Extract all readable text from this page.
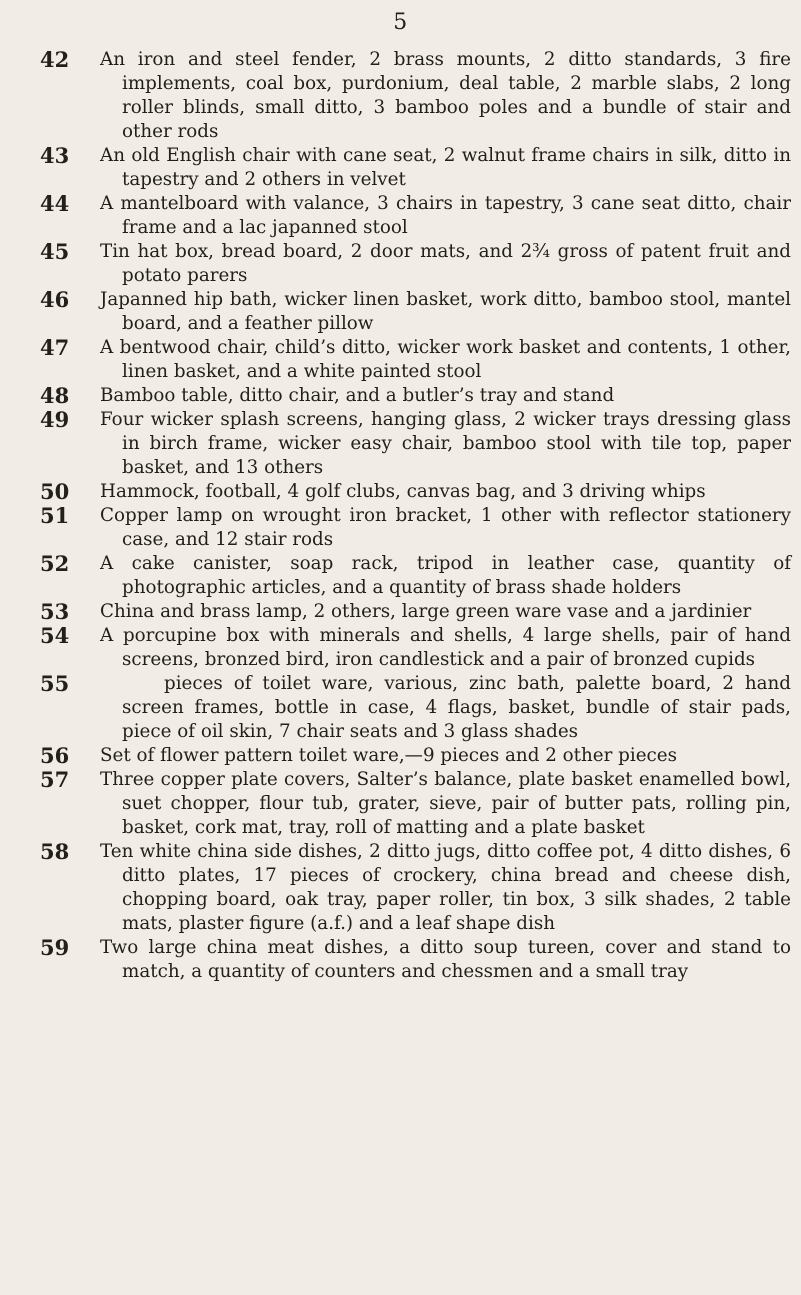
5
42	An iron and steel fender, 2 brass mounts, 2 ditto standards, 3 fire implements, coal box, purdonium, deal table, 2 marble slabs, 2 long roller blinds, small ditto, 3 bamboo poles and a bundle of stair and other rods
43	An old English chair with cane seat, 2 walnut frame chairs in silk, ditto in tapestry and 2 others in velvet
44	A mantelboard with valance, 3 chairs in tapestry, 3 cane seat ditto, chair frame and a lac japanned stool
45	Tin hat box, bread board, 2 door mats, and 2¾ gross of patent fruit and potato parers
46	Japanned hip bath, wicker linen basket, work ditto, bamboo stool, mantel board, and a feather pillow
47	A bentwood chair, child’s ditto, wicker work basket and contents, 1 other, linen basket, and a white painted stool
48	Bamboo table, ditto chair, and a butler’s tray and stand
49	Four wicker splash screens, hanging glass, 2 wicker trays dressing glass in birch frame, wicker easy chair, bamboo stool with tile top, paper basket, and 13 others
50	Hammock, football, 4 golf clubs, canvas bag, and 3 driving whips
51	Copper lamp on wrought iron bracket, 1 other with reflector stationery case, and 12 stair rods
52	A cake canister, soap rack, tripod in leather case, quantity of photographic articles, and a quantity of brass shade holders
53	China and brass lamp, 2 others, large green ware vase and a jardinier
54	A porcupine box with minerals and shells, 4 large shells, pair of hand screens, bronzed bird, iron candlestick and a pair of bronzed cupids
55	pieces of toilet ware, various, zinc bath, palette board, 2 hand screen frames, bottle in case, 4 flags, basket, bundle of stair pads, piece of oil skin, 7 chair seats and 3 glass shades
56	Set of flower pattern toilet ware,—9 pieces and 2 other pieces
57	Three copper plate covers, Salter’s balance, plate basket enamelled bowl, suet chopper, flour tub, grater, sieve, pair of butter pats, rolling pin, basket, cork mat, tray, roll of matting and a plate basket
58	Ten white china side dishes, 2 ditto jugs, ditto coffee pot, 4 ditto dishes, 6 ditto plates, 17 pieces of crockery, china bread and cheese dish, chopping board, oak tray, paper roller, tin box, 3 silk shades, 2 table mats, plaster figure (a.f.) and a leaf shape dish
59	Two large china meat dishes, a ditto soup tureen, cover and stand to match, a quantity of counters and chessmen and a small tray
